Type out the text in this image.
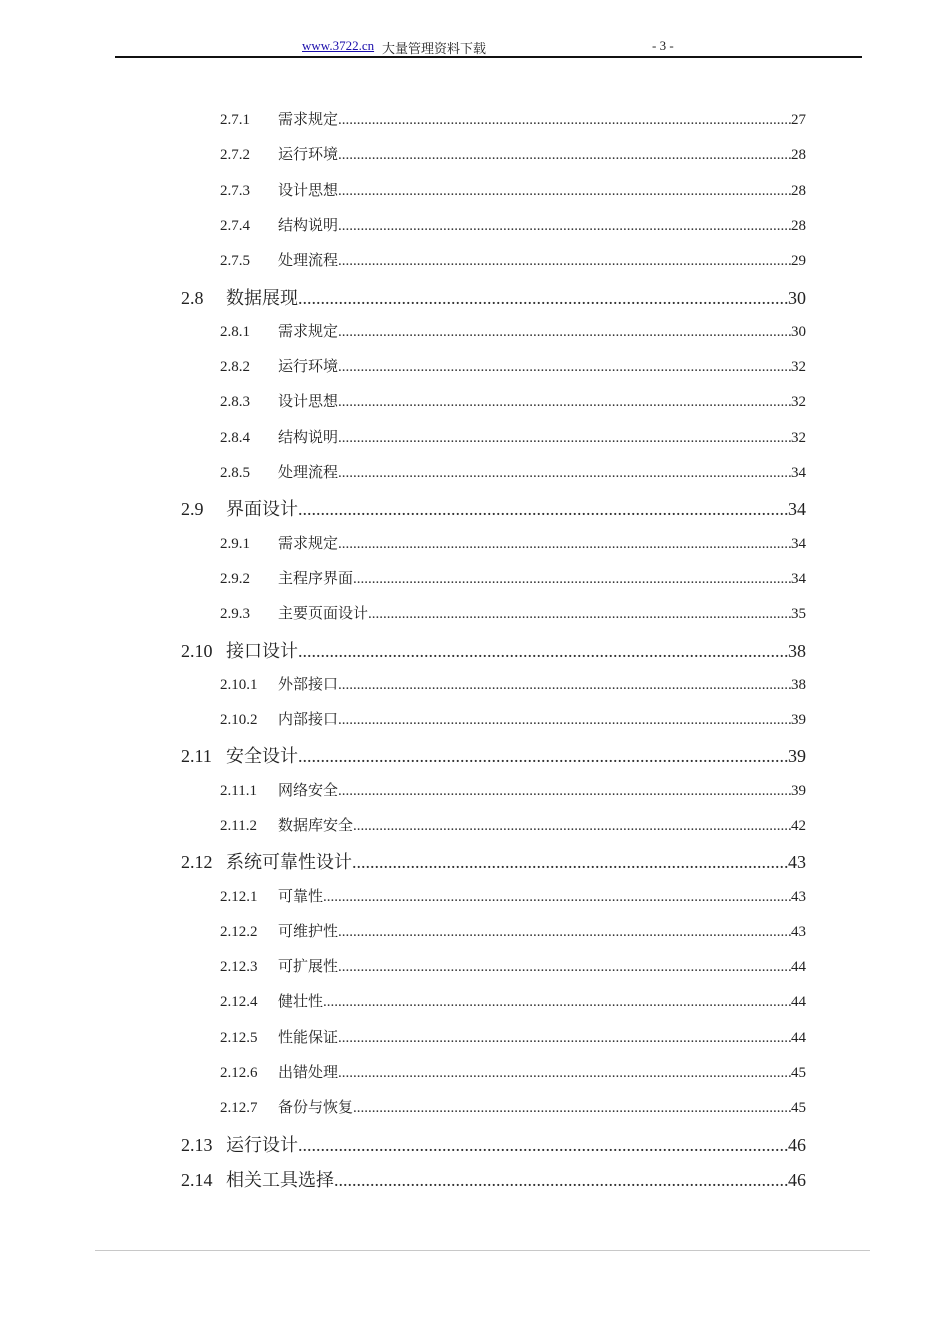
www.3722.cn 大量管理资料下载	- 3 -
2.7.1	需求规定 .....	27
2.7.2	运行环境 .....	28
2.7.3	设计思想 .....	28
2.7.4	结构说明 .....	28
2.7.5	处理流程 .....	29
2.8	数据展现 .....	30
2.8.1	需求规定 .....	30
2.8.2	运行环境 .....	32
2.8.3	设计思想 .....	32
2.8.4	结构说明 .....	32
2.8.5	处理流程 .....	34
2.9	界面设计 .....	34
2.9.1	需求规定 .....	34
2.9.2	主程序界面 .....	34
2.9.3	主要页面设计 .....	35
2.10 接口设计 .....	38
2.10.1	外部接口 .....	38
2.10.2	内部接口 .....	39
2.11 安全设计 .....	39
2.11.1	网络安全 .....	39
2.11.2	数据库安全 .....	42
2.12 系统可靠性设计 .....	43
2.12.1	可靠性 .....	43
2.12.2	可维护性 .....	43
2.12.3	可扩展性 .....	44
2.12.4	健壮性 .....	44
2.12.5	性能保证 .....	44
2.12.6	出错处理 .....	45
2.12.7	备份与恢复 .....	45
2.13 运行设计 .....	46
2.14 相关工具选择 .....	46
